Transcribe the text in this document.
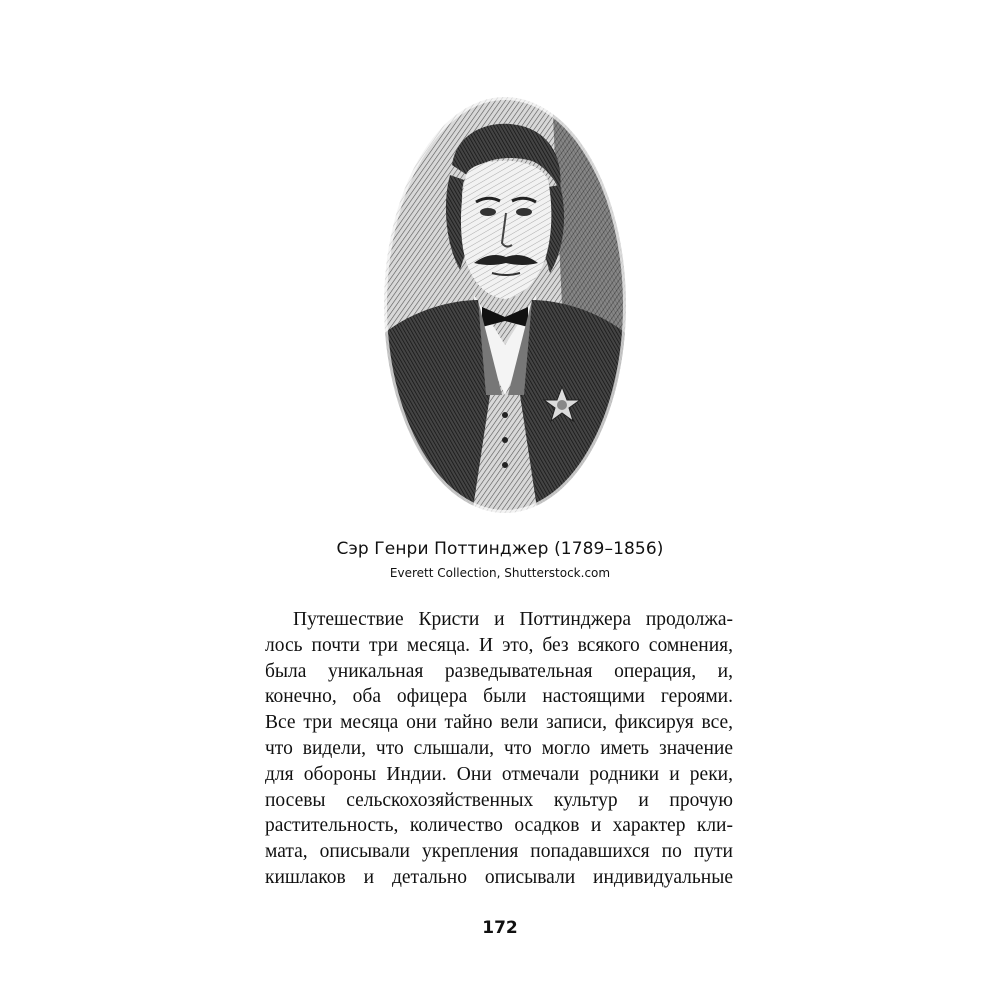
Сэр Генри Поттинджер (1789–1856)
Everett Collection, Shutterstock.com
Путешествие Кристи и Поттинджера продолжа-
лось почти три месяца. И это, без всякого сомнения,
была уникальная разведывательная операция, и,
конечно, оба офицера были настоящими героями.
Все три месяца они тайно вели записи, фиксируя все,
что видели, что слышали, что могло иметь значение
для обороны Индии. Они отмечали родники и реки,
посевы сельскохозяйственных культур и прочую
растительность, количество осадков и характер кли-
мата, описывали укрепления попадавшихся по пути
кишлаков и детально описывали индивидуальные
172
